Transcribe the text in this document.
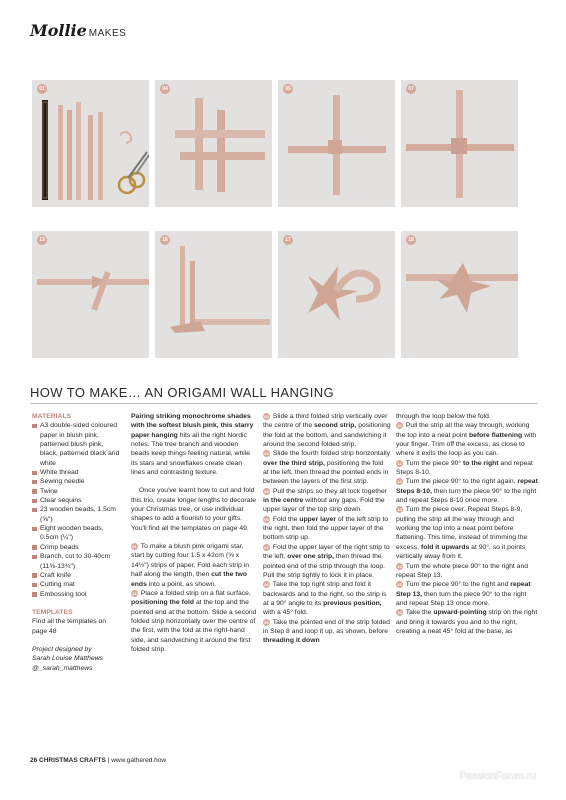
Mollie MAKES
01	04	05	07
13	16	17	18
HOW TO MAKE… AN ORIGAMI WALL HANGING

MATERIALS

A3 double-sided coloured paper in blush pink, patterned blush pink, black, patterned black and white
White thread
Sewing needle
Twine
Clear sequins
23 wooden beads, 1.5cm (⅝")
Eight wooden beads, 0.5cm (¼")
Crimp beads
Branch, cut to 30-40cm (11⅝-13¾")
Craft knife
Cutting mat
Embossing tool

TEMPLATES

Find all the templates on page 48

Project designed by
Sarah Louise Matthews
@_sarah_matthews

Pairing striking monochrome shades with the softest blush pink, this starry paper hanging hits all the right Nordic notes. The tree branch and wooden beads keep things feeling natural, while its stars and snowflakes create clean lines and contrasting texture.

Once you've learnt how to cut and fold this trio, create longer lengths to decorate your Christmas tree, or use individual shapes to add a flourish to your gifts. You'll find all the templates on page 49.

01 To make a blush pink origami star, start by cutting four 1.5 x 42cm (⅝ x 14½") strips of paper. Fold each strip in half along the length, then cut the two ends into a point, as shown.

02 Place a folded strip on a flat surface, positioning the fold at the top and the pointed end at the bottom. Slide a second folded strip horizontally over the centre of the first, with the fold at the right-hand side, and sandwiching it around the first folded strip.

03 Slide a third folded strip vertically over the centre of the second strip, positioning the fold at the bottom, and sandwiching it around the second folded strip.

04 Slide the fourth folded strip horizontally over the third strip, positioning the fold at the left, then thread the pointed ends in between the layers of the first strip.

05 Pull the strips so they all lock together in the centre without any gaps. Fold the upper layer of the top strip down.

06 Fold the upper layer of the left strip to the right, then fold the upper layer of the bottom strip up.

07 Fold the upper layer of the right strip to the left, over one strip, then thread the pointed end of the strip through the loop. Pull the strip tightly to lock it in place.

08 Take the top right strip and fold it backwards and to the right, so the strip is at a 90° angle to its previous position, with a 45° fold.

09 Take the pointed end of the strip folded in Step 8 and loop it up, as shown, before threading it down

through the loop below the fold.

10 Pull the strip all the way through, working the top into a neat point before flattening with your finger. Trim off the excess, as close to where it exits the loop as you can.

11 Turn the piece 90° to the right and repeat Steps 8-10.

12 Turn the piece 90° to the right again, repeat Steps 8-10, then turn the piece 90° to the right and repeat Steps 8-10 once more.

13 Turn the piece over. Repeat Steps 8-9, pulling the strip all the way through and working the top into a neat point before flattening. This time, instead of trimming the excess, fold it upwards at 90°, so it points vertically away from it.

14 Turn the whole piece 90° to the right and repeat Step 13.

15 Turn the piece 90° to the right and repeat Step 13, then turn the piece 90° to the right and repeat Step 13 once more.

16 Take the upward-pointing strip on the right and bring it towards you and to the right, creating a neat 45° fold at the base, as

26 CHRISTMAS CRAFTS | www.gathered.how
PassionForum.ru
